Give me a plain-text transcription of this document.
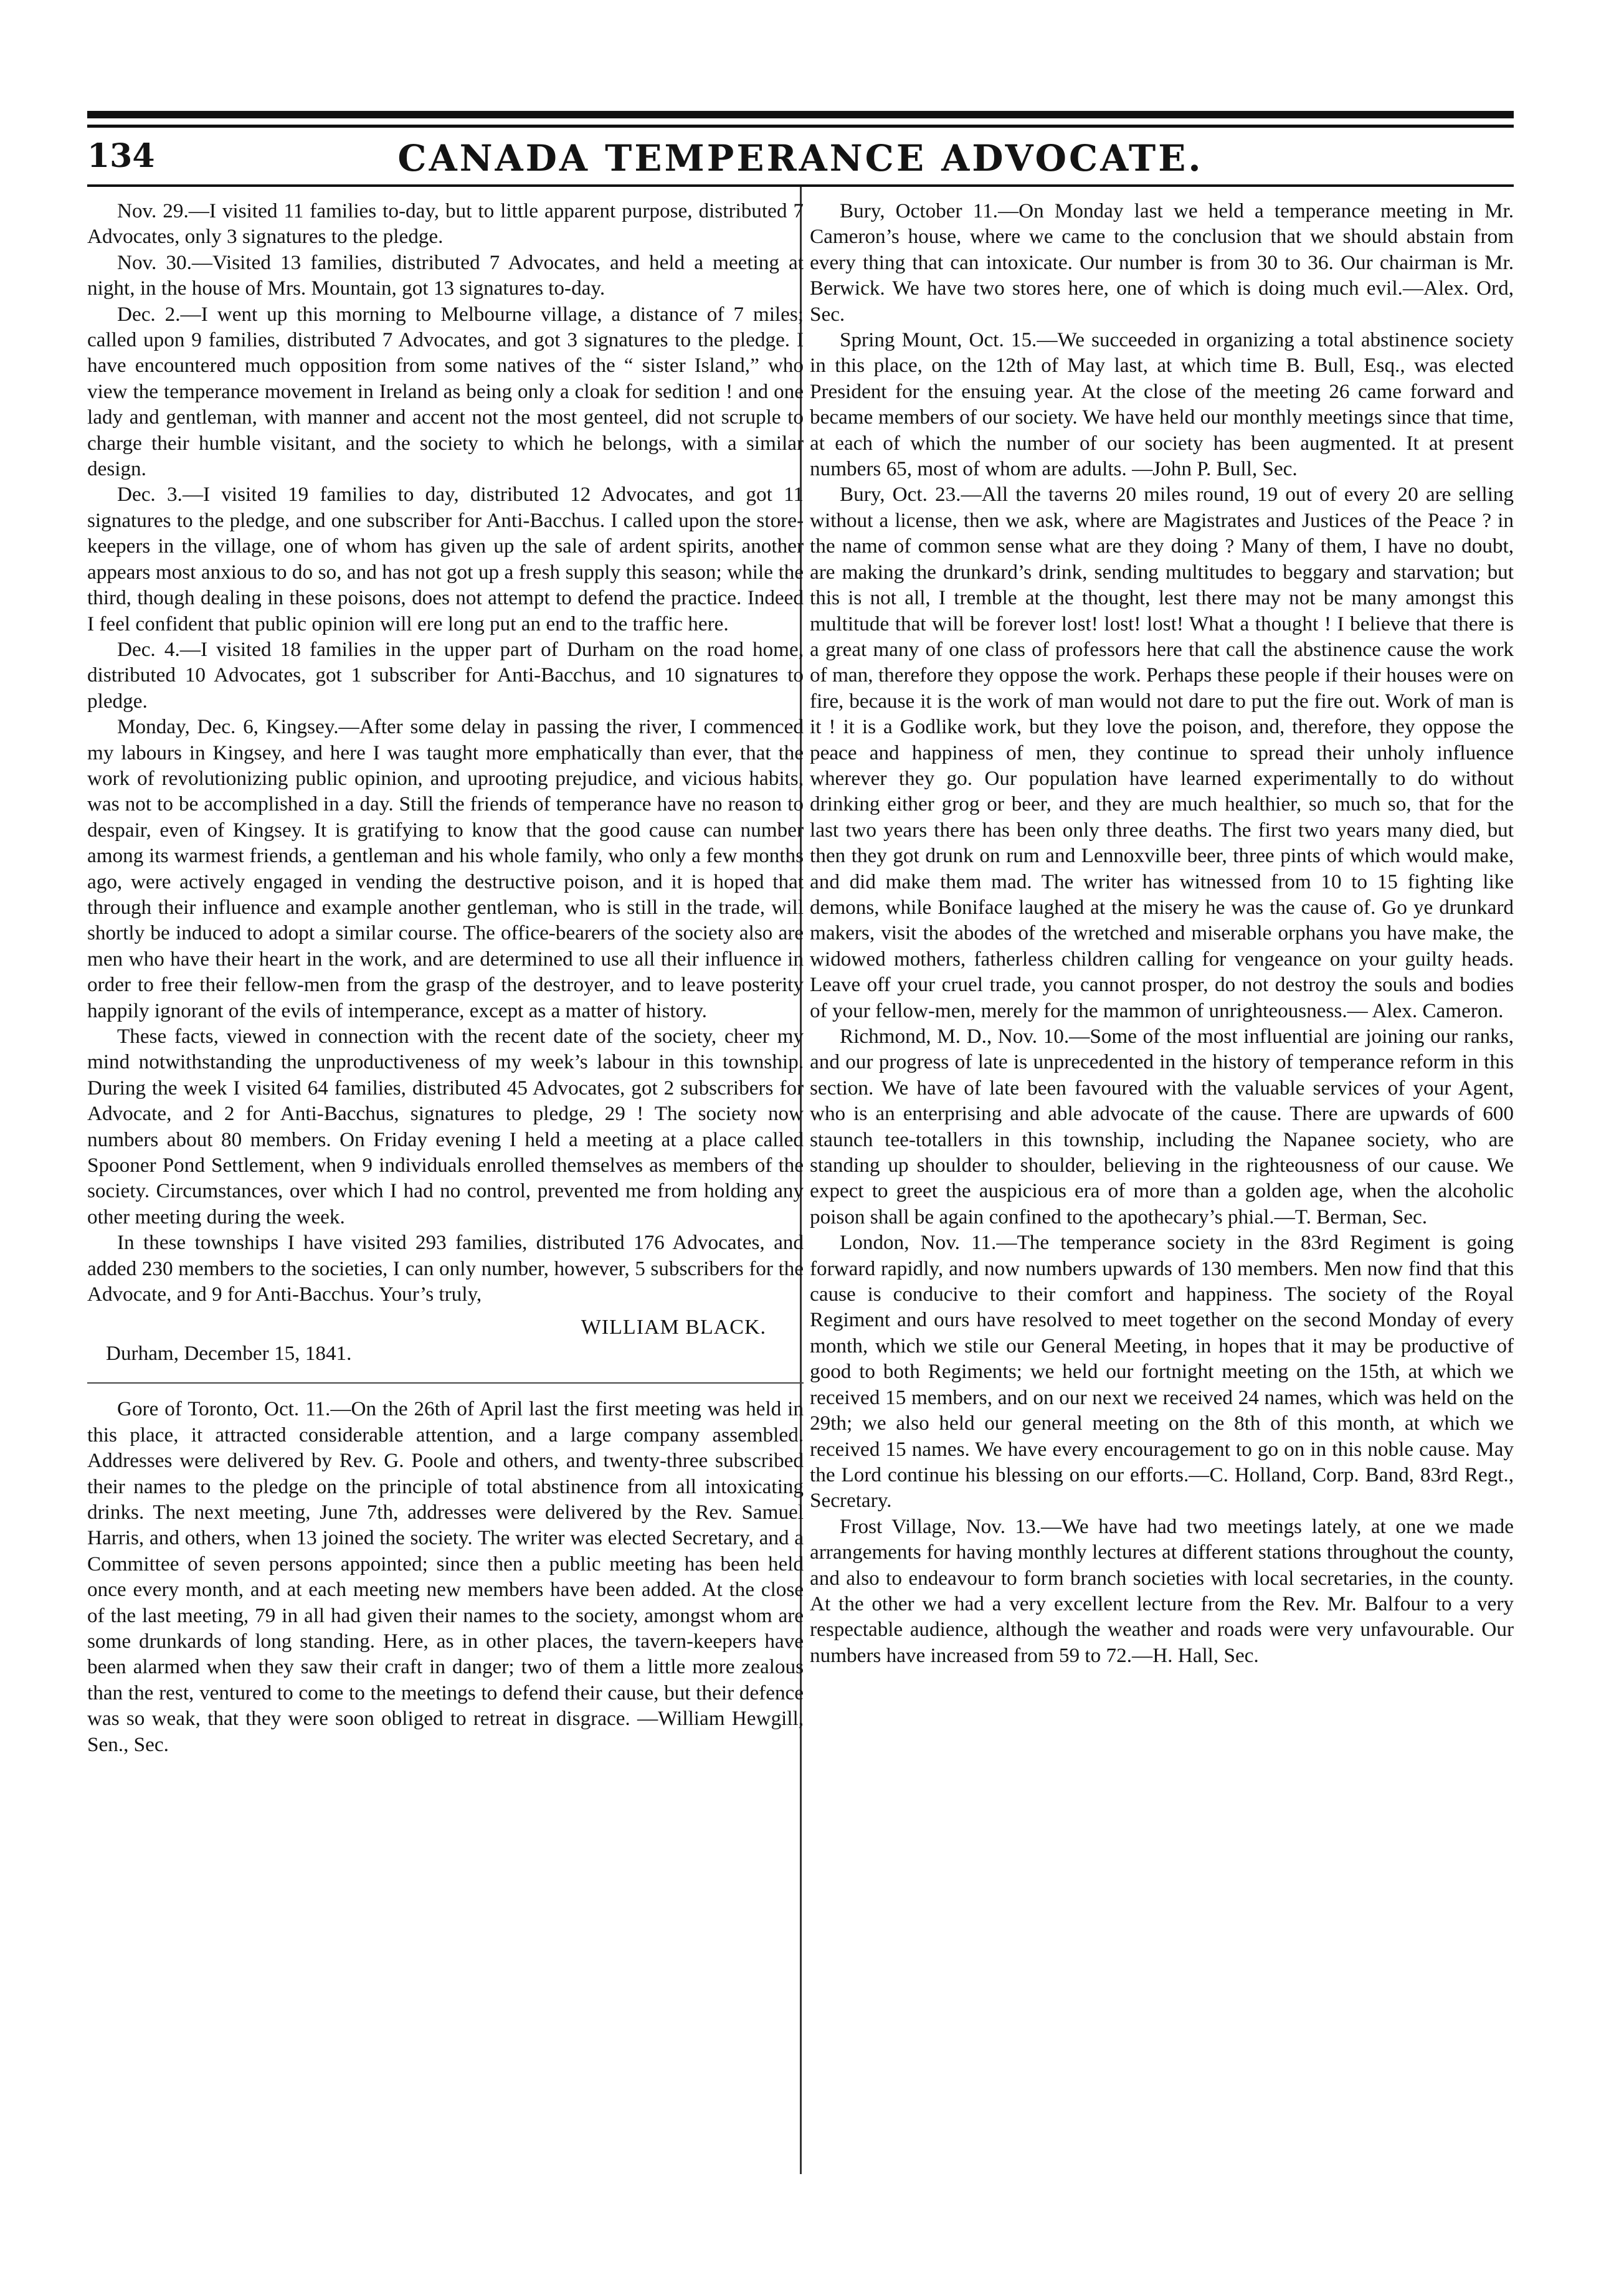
134	CANADA TEMPERANCE ADVOCATE.

Nov. 29.—I visited 11 families to-day, but to little apparent purpose, distributed 7 Advocates, only 3 signatures to the pledge.

Nov. 30.—Visited 13 families, distributed 7 Advocates, and held a meeting at night, in the house of Mrs. Mountain, got 13 signatures to-day.

Dec. 2.—I went up this morning to Melbourne village, a distance of 7 miles; called upon 9 families, distributed 7 Advocates, and got 3 signatures to the pledge. I have encountered much opposition from some natives of the “ sister Island,” who view the temperance movement in Ireland as being only a cloak for sedition ! and one lady and gentleman, with manner and accent not the most genteel, did not scruple to charge their humble visitant, and the society to which he belongs, with a similar design.

Dec. 3.—I visited 19 families to day, distributed 12 Advocates, and got 11 signatures to the pledge, and one subscriber for Anti-Bacchus. I called upon the store-keepers in the village, one of whom has given up the sale of ardent spirits, another appears most anxious to do so, and has not got up a fresh supply this season; while the third, though dealing in these poisons, does not attempt to defend the practice. Indeed I feel confident that public opinion will ere long put an end to the traffic here.

Dec. 4.—I visited 18 families in the upper part of Durham on the road home, distributed 10 Advocates, got 1 subscriber for Anti-Bacchus, and 10 signatures to pledge.

Monday, Dec. 6, Kingsey.—After some delay in passing the river, I commenced my labours in Kingsey, and here I was taught more emphatically than ever, that the work of revolutionizing public opinion, and uprooting prejudice, and vicious habits, was not to be accomplished in a day. Still the friends of temperance have no reason to despair, even of Kingsey. It is gratifying to know that the good cause can number among its warmest friends, a gentleman and his whole family, who only a few months ago, were actively engaged in vending the destructive poison, and it is hoped that through their influence and example another gentleman, who is still in the trade, will shortly be induced to adopt a similar course. The office-bearers of the society also are men who have their heart in the work, and are determined to use all their influence in order to free their fellow-men from the grasp of the destroyer, and to leave posterity happily ignorant of the evils of intemperance, except as a matter of history.

These facts, viewed in connection with the recent date of the society, cheer my mind notwithstanding the unproductiveness of my week’s labour in this township. During the week I visited 64 families, distributed 45 Advocates, got 2 subscribers for Advocate, and 2 for Anti-Bacchus, signatures to pledge, 29 ! The society now numbers about 80 members. On Friday evening I held a meeting at a place called Spooner Pond Settlement, when 9 individuals enrolled themselves as members of the society. Circumstances, over which I had no control, prevented me from holding any other meeting during the week.

In these townships I have visited 293 families, distributed 176 Advocates, and added 230 members to the societies, I can only number, however, 5 subscribers for the Advocate, and 9 for Anti-Bacchus. Your’s truly,

WILLIAM BLACK.

Durham, December 15, 1841.

Gore of Toronto, Oct. 11.—On the 26th of April last the first meeting was held in this place, it attracted considerable attention, and a large company assembled. Addresses were delivered by Rev. G. Poole and others, and twenty-three subscribed their names to the pledge on the principle of total abstinence from all intoxicating drinks. The next meeting, June 7th, addresses were delivered by the Rev. Samuel Harris, and others, when 13 joined the society. The writer was elected Secretary, and a Committee of seven persons appointed; since then a public meeting has been held once every month, and at each meeting new members have been added. At the close of the last meeting, 79 in all had given their names to the society, amongst whom are some drunkards of long standing. Here, as in other places, the tavern-keepers have been alarmed when they saw their craft in danger; two of them a little more zealous than the rest, ventured to come to the meetings to defend their cause, but their defence was so weak, that they were soon obliged to retreat in disgrace. —William Hewgill, Sen., Sec.

Bury, October 11.—On Monday last we held a temperance meeting in Mr. Cameron’s house, where we came to the conclusion that we should abstain from every thing that can intoxicate. Our number is from 30 to 36. Our chairman is Mr. Berwick. We have two stores here, one of which is doing much evil.—Alex. Ord, Sec.

Spring Mount, Oct. 15.—We succeeded in organizing a total abstinence society in this place, on the 12th of May last, at which time B. Bull, Esq., was elected President for the ensuing year. At the close of the meeting 26 came forward and became members of our society. We have held our monthly meetings since that time, at each of which the number of our society has been augmented. It at present numbers 65, most of whom are adults. —John P. Bull, Sec.

Bury, Oct. 23.—All the taverns 20 miles round, 19 out of every 20 are selling without a license, then we ask, where are Magistrates and Justices of the Peace ? in the name of common sense what are they doing ? Many of them, I have no doubt, are making the drunkard’s drink, sending multitudes to beggary and starvation; but this is not all, I tremble at the thought, lest there may not be many amongst this multitude that will be forever lost! lost! lost! What a thought ! I believe that there is a great many of one class of professors here that call the abstinence cause the work of man, therefore they oppose the work. Perhaps these people if their houses were on fire, because it is the work of man would not dare to put the fire out. Work of man is it ! it is a Godlike work, but they love the poison, and, therefore, they oppose the peace and happiness of men, they continue to spread their unholy influence wherever they go. Our population have learned experimentally to do without drinking either grog or beer, and they are much healthier, so much so, that for the last two years there has been only three deaths. The first two years many died, but then they got drunk on rum and Lennoxville beer, three pints of which would make, and did make them mad. The writer has witnessed from 10 to 15 fighting like demons, while Boniface laughed at the misery he was the cause of. Go ye drunkard makers, visit the abodes of the wretched and miserable orphans you have make, the widowed mothers, fatherless children calling for vengeance on your guilty heads. Leave off your cruel trade, you cannot prosper, do not destroy the souls and bodies of your fellow-men, merely for the mammon of unrighteousness.— Alex. Cameron.

Richmond, M. D., Nov. 10.—Some of the most influential are joining our ranks, and our progress of late is unprecedented in the history of temperance reform in this section. We have of late been favoured with the valuable services of your Agent, who is an enterprising and able advocate of the cause. There are upwards of 600 staunch tee-totallers in this township, including the Napanee society, who are standing up shoulder to shoulder, believing in the righteousness of our cause. We expect to greet the auspicious era of more than a golden age, when the alcoholic poison shall be again confined to the apothecary’s phial.—T. Berman, Sec.

London, Nov. 11.—The temperance society in the 83rd Regiment is going forward rapidly, and now numbers upwards of 130 members. Men now find that this cause is conducive to their comfort and happiness. The society of the Royal Regiment and ours have resolved to meet together on the second Monday of every month, which we stile our General Meeting, in hopes that it may be productive of good to both Regiments; we held our fortnight meeting on the 15th, at which we received 15 members, and on our next we received 24 names, which was held on the 29th; we also held our general meeting on the 8th of this month, at which we received 15 names. We have every encouragement to go on in this noble cause. May the Lord continue his blessing on our efforts.—C. Holland, Corp. Band, 83rd Regt., Secretary.

Frost Village, Nov. 13.—We have had two meetings lately, at one we made arrangements for having monthly lectures at different stations throughout the county, and also to endeavour to form branch societies with local secretaries, in the county. At the other we had a very excellent lecture from the Rev. Mr. Balfour to a very respectable audience, although the weather and roads were very unfavourable. Our numbers have increased from 59 to 72.—H. Hall, Sec.
